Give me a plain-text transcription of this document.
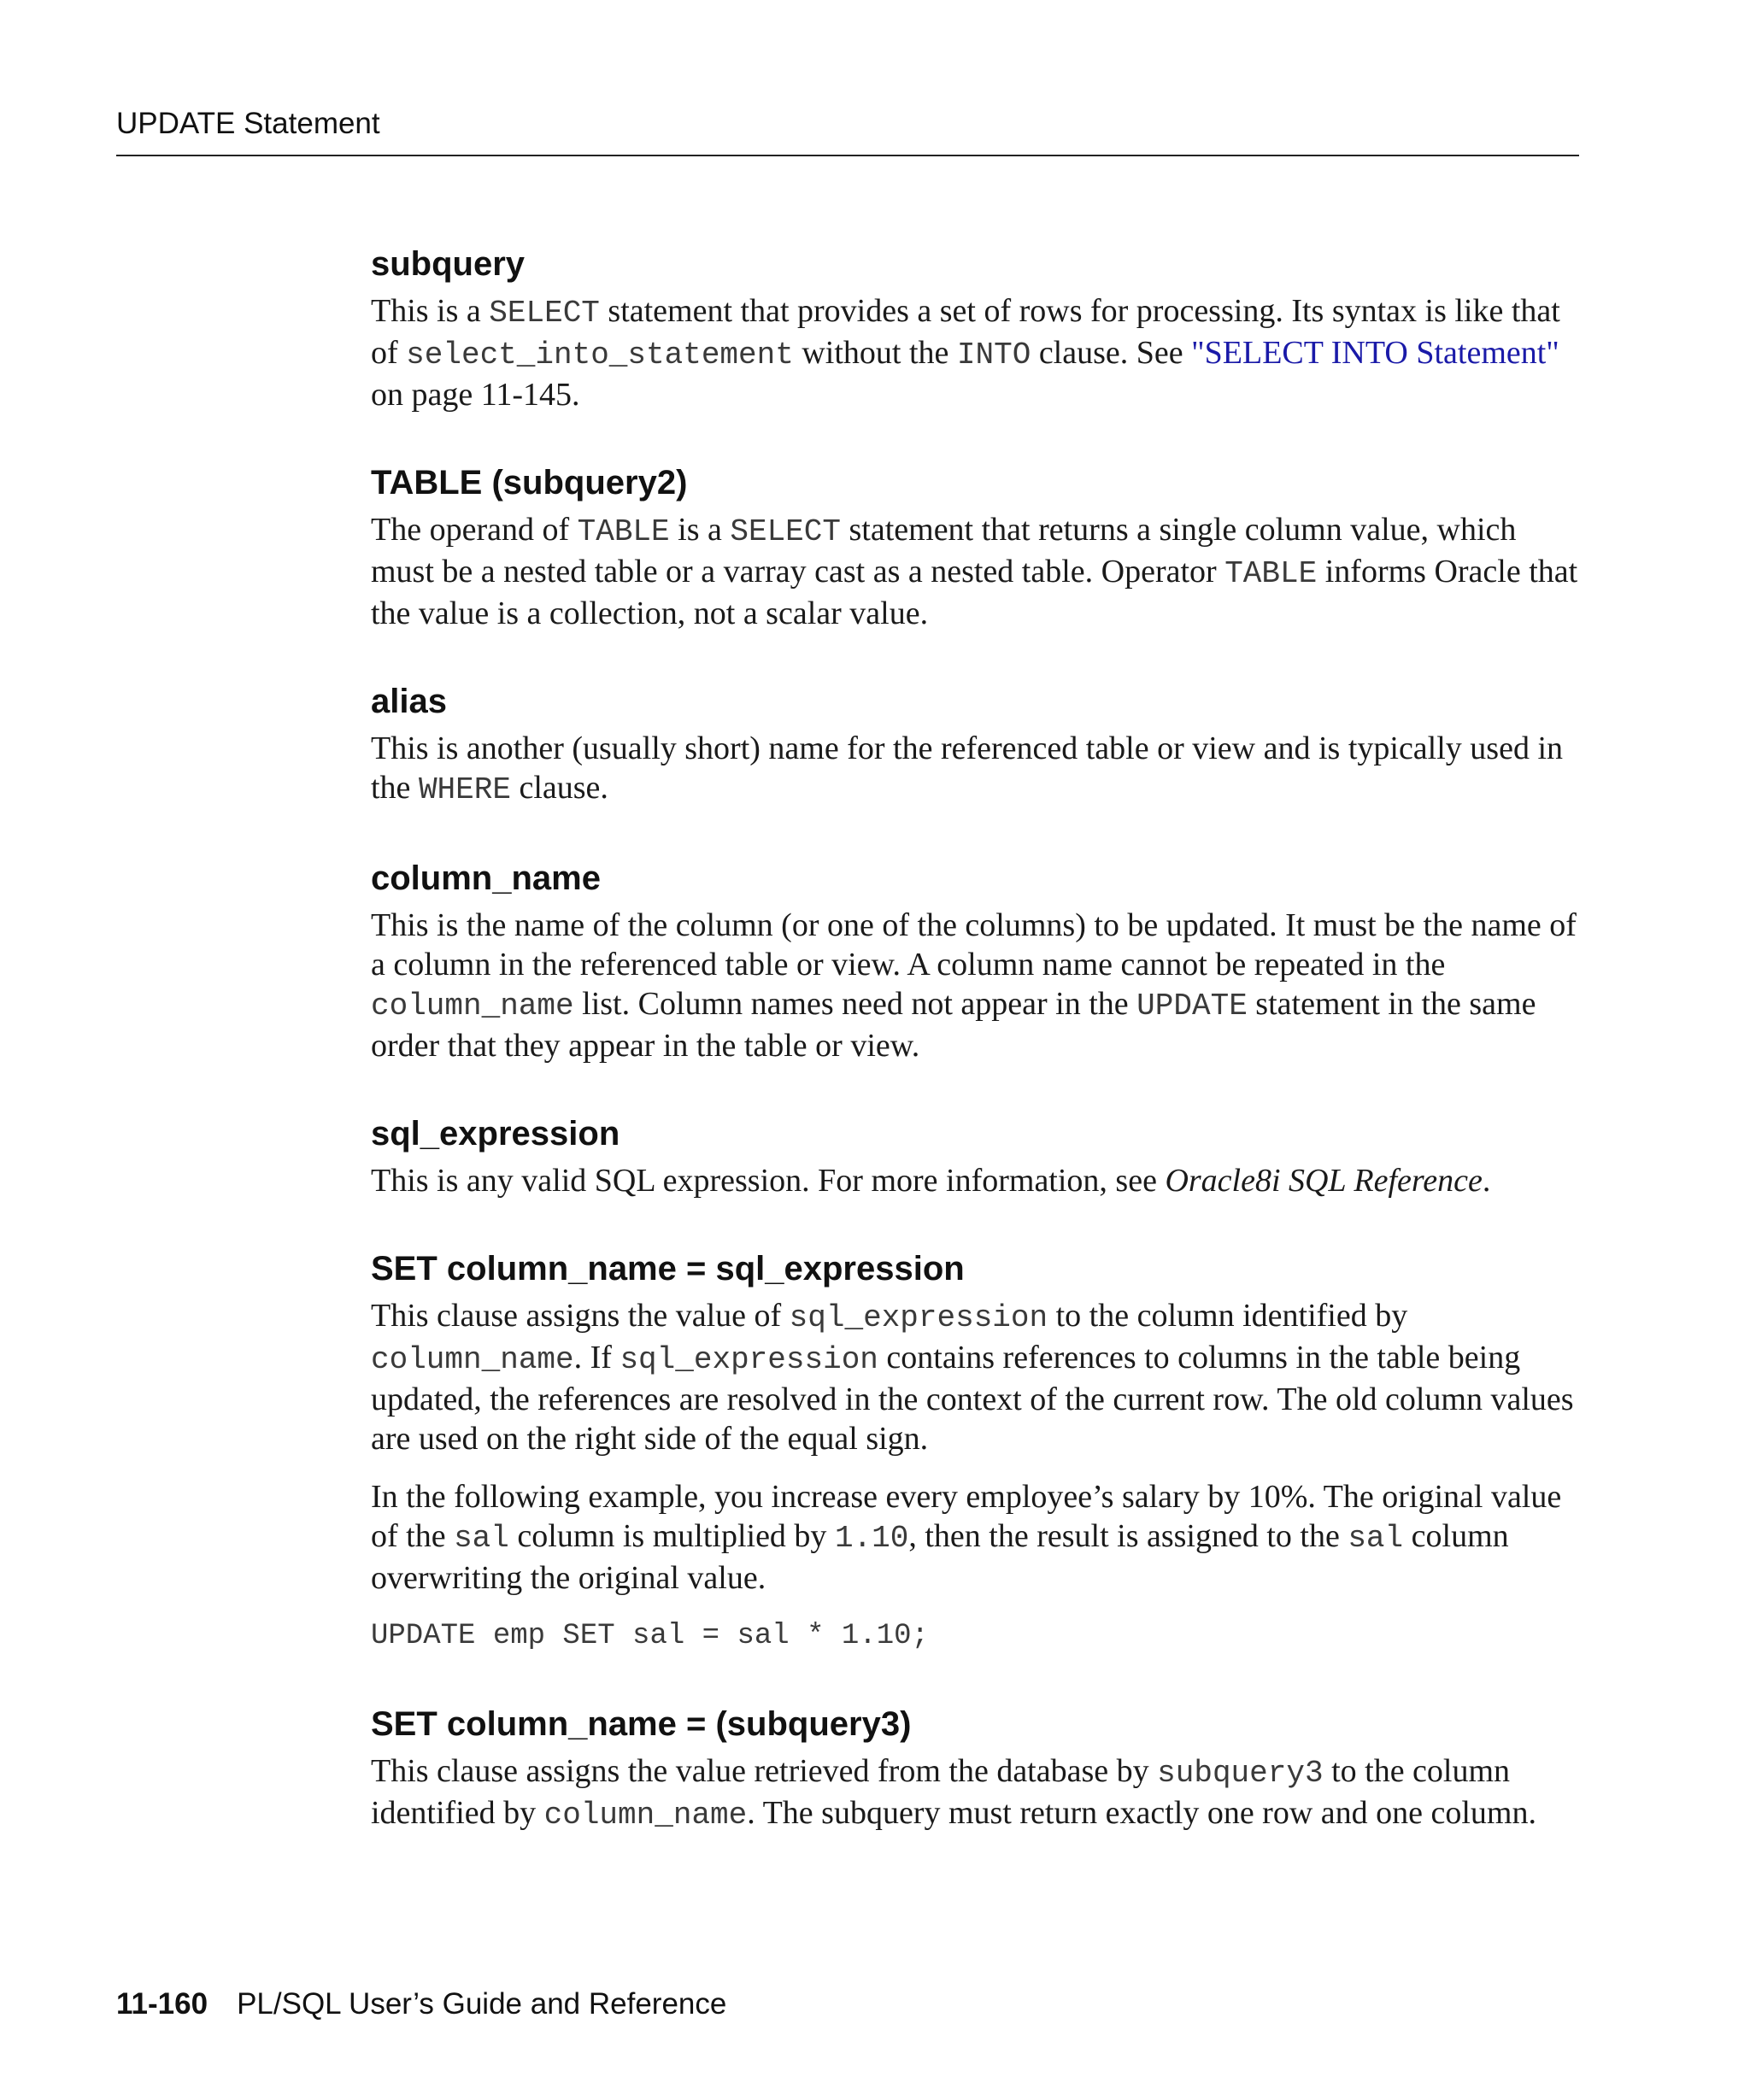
UPDATE Statement
subquery

This is a SELECT statement that provides a set of rows for processing. Its syntax is like that of select_into_statement without the INTO clause. See "SELECT INTO Statement" on page 11-145.

TABLE (subquery2)

The operand of TABLE is a SELECT statement that returns a single column value, which must be a nested table or a varray cast as a nested table. Operator TABLE informs Oracle that the value is a collection, not a scalar value.

alias

This is another (usually short) name for the referenced table or view and is typically used in the WHERE clause.

column_name

This is the name of the column (or one of the columns) to be updated. It must be the name of a column in the referenced table or view. A column name cannot be repeated in the column_name list. Column names need not appear in the UPDATE statement in the same order that they appear in the table or view.

sql_expression

This is any valid SQL expression. For more information, see Oracle8i SQL Reference.

SET column_name = sql_expression

This clause assigns the value of sql_expression to the column identified by column_name. If sql_expression contains references to columns in the table being updated, the references are resolved in the context of the current row. The old column values are used on the right side of the equal sign.

In the following example, you increase every employee’s salary by 10%. The original value of the sal column is multiplied by 1.10, then the result is assigned to the sal column overwriting the original value.

UPDATE emp SET sal = sal * 1.10;
SET column_name = (subquery3)

This clause assigns the value retrieved from the database by subquery3 to the column identified by column_name. The subquery must return exactly one row and one column.

11-160 PL/SQL User’s Guide and Reference
